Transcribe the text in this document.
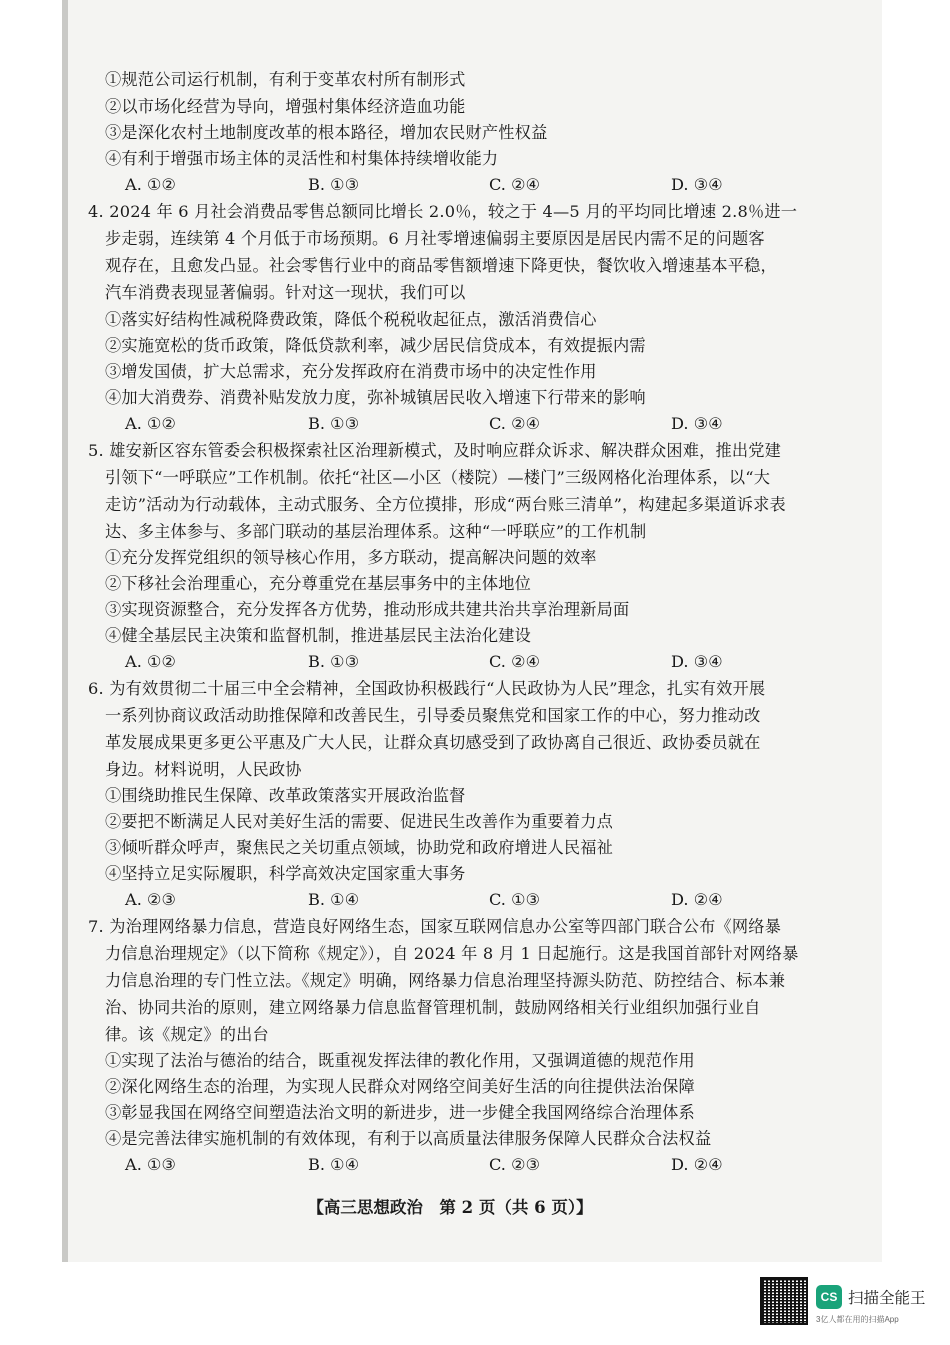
①规范公司运行机制，有利于变革农村所有制形式
②以市场化经营为导向，增强村集体经济造血功能
③是深化农村土地制度改革的根本路径，增加农民财产性权益
④有利于增强市场主体的灵活性和村集体持续增收能力
A. ①②	B. ①③	C. ②④	D. ③④
4. 2024 年 6 月社会消费品零售总额同比增长 2.0％，较之于 4—5 月的平均同比增速 2.8％进一
步走弱，连续第 4 个月低于市场预期。6 月社零增速偏弱主要原因是居民内需不足的问题客
观存在，且愈发凸显。社会零售行业中的商品零售额增速下降更快，餐饮收入增速基本平稳，
汽车消费表现显著偏弱。针对这一现状，我们可以
①落实好结构性减税降费政策，降低个税税收起征点，激活消费信心
②实施宽松的货币政策，降低贷款利率，减少居民信贷成本，有效提振内需
③增发国债，扩大总需求，充分发挥政府在消费市场中的决定性作用
④加大消费券、消费补贴发放力度，弥补城镇居民收入增速下行带来的影响
A. ①②	B. ①③	C. ②④	D. ③④
5. 雄安新区容东管委会积极探索社区治理新模式，及时响应群众诉求、解决群众困难，推出党建
引领下“一呼联应”工作机制。依托“社区—小区（楼院）—楼门”三级网格化治理体系，以“大
走访”活动为行动载体，主动式服务、全方位摸排，形成“两台账三清单”，构建起多渠道诉求表
达、多主体参与、多部门联动的基层治理体系。这种“一呼联应”的工作机制
①充分发挥党组织的领导核心作用，多方联动，提高解决问题的效率
②下移社会治理重心，充分尊重党在基层事务中的主体地位
③实现资源整合，充分发挥各方优势，推动形成共建共治共享治理新局面
④健全基层民主决策和监督机制，推进基层民主法治化建设
A. ①②	B. ①③	C. ②④	D. ③④
6. 为有效贯彻二十届三中全会精神，全国政协积极践行“人民政协为人民”理念，扎实有效开展
一系列协商议政活动助推保障和改善民生，引导委员聚焦党和国家工作的中心，努力推动改
革发展成果更多更公平惠及广大人民，让群众真切感受到了政协离自己很近、政协委员就在
身边。材料说明，人民政协
①围绕助推民生保障、改革政策落实开展政治监督
②要把不断满足人民对美好生活的需要、促进民生改善作为重要着力点
③倾听群众呼声，聚焦民之关切重点领域，协助党和政府增进人民福祉
④坚持立足实际履职，科学高效决定国家重大事务
A. ②③	B. ①④	C. ①③	D. ②④
7. 为治理网络暴力信息，营造良好网络生态，国家互联网信息办公室等四部门联合公布《网络暴
力信息治理规定》（以下简称《规定》），自 2024 年 8 月 1 日起施行。这是我国首部针对网络暴
力信息治理的专门性立法。《规定》明确，网络暴力信息治理坚持源头防范、防控结合、标本兼
治、协同共治的原则，建立网络暴力信息监督管理机制，鼓励网络相关行业组织加强行业自
律。该《规定》的出台
①实现了法治与德治的结合，既重视发挥法律的教化作用，又强调道德的规范作用
②深化网络生态的治理，为实现人民群众对网络空间美好生活的向往提供法治保障
③彰显我国在网络空间塑造法治文明的新进步，进一步健全我国网络综合治理体系
④是完善法律实施机制的有效体现，有利于以高质量法律服务保障人民群众合法权益
A. ①③	B. ①④	C. ②③	D. ②④
【高三思想政治　第 2 页（共 6 页）】
CS 扫描全能王
3亿人都在用的扫描App
